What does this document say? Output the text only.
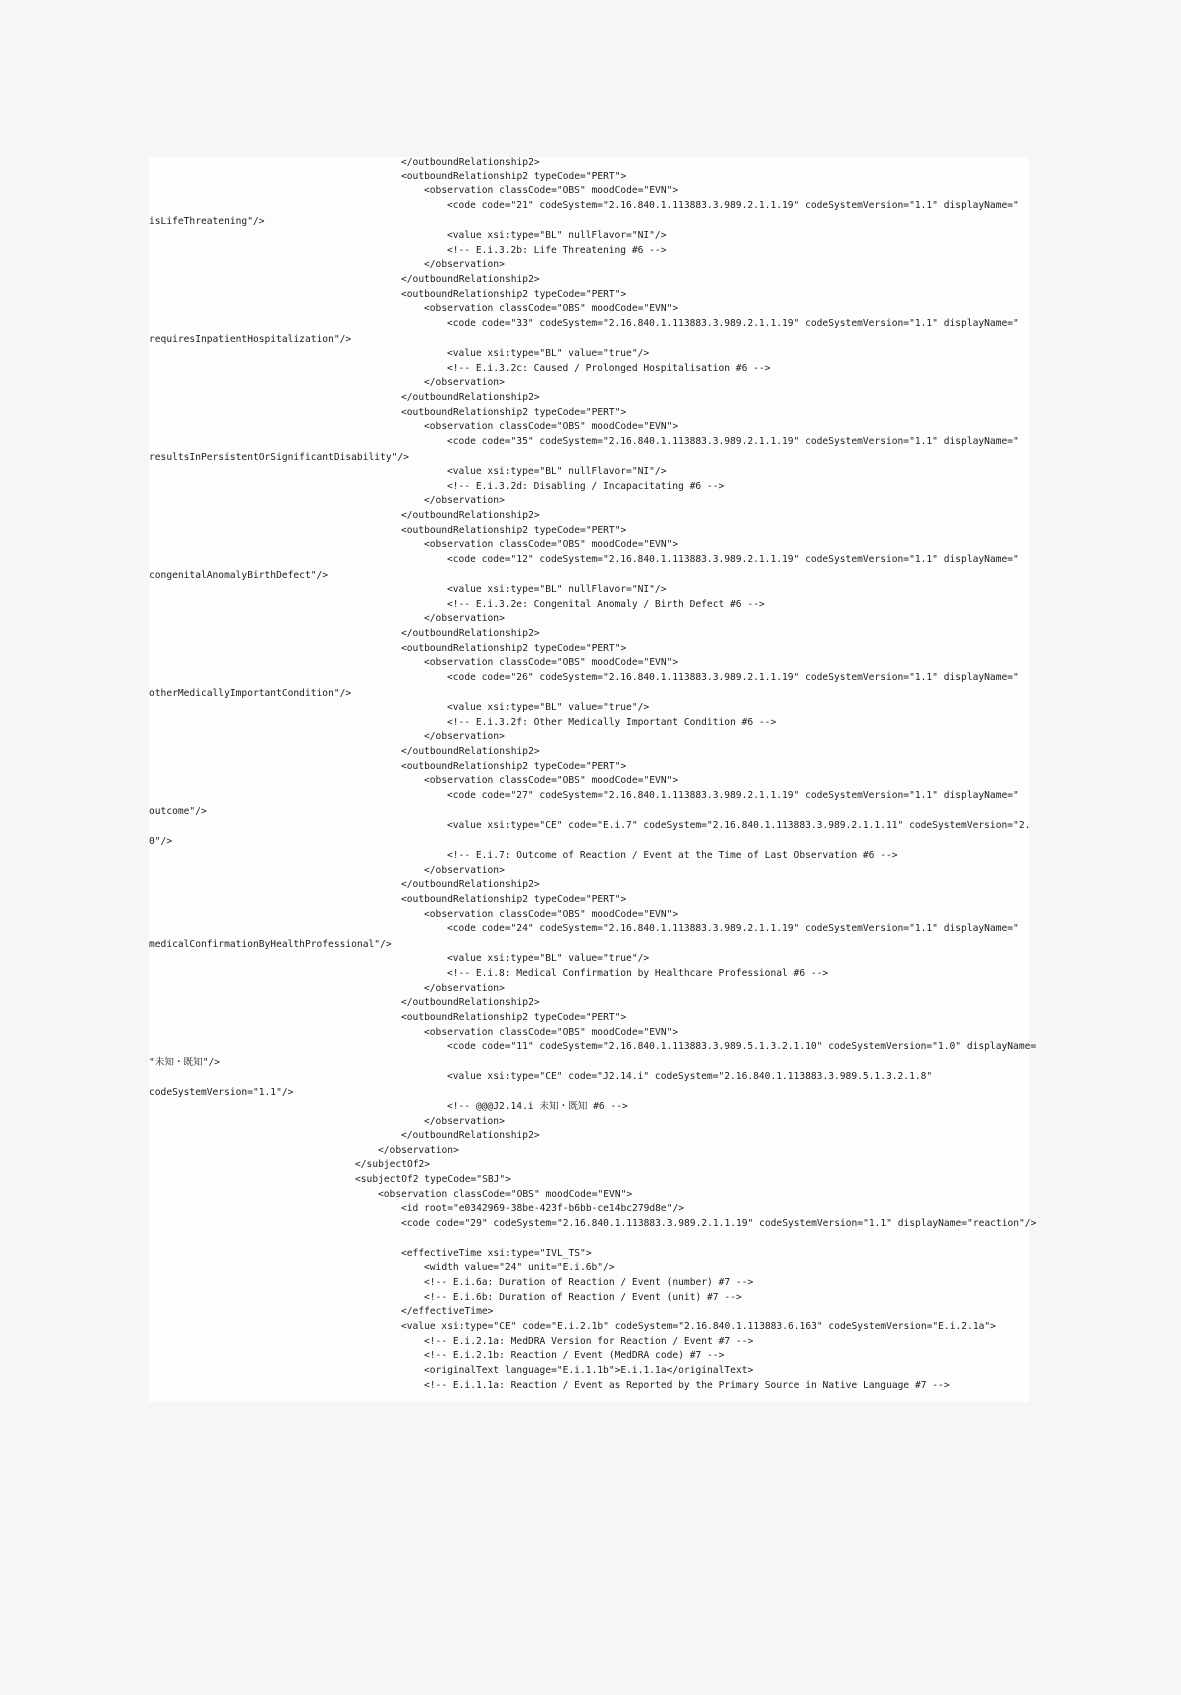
</outboundRelationship2>
<outboundRelationship2 typeCode="PERT">
<observation classCode="OBS" moodCode="EVN">
<code code="21" codeSystem="2.16.840.1.113883.3.989.2.1.1.19" codeSystemVersion="1.1" displayName="
isLifeThreatening"/>
<value xsi:type="BL" nullFlavor="NI"/>
<!-- E.i.3.2b: Life Threatening #6 -->
</observation>
</outboundRelationship2>
<outboundRelationship2 typeCode="PERT">
<observation classCode="OBS" moodCode="EVN">
<code code="33" codeSystem="2.16.840.1.113883.3.989.2.1.1.19" codeSystemVersion="1.1" displayName="
requiresInpatientHospitalization"/>
<value xsi:type="BL" value="true"/>
<!-- E.i.3.2c: Caused / Prolonged Hospitalisation #6 -->
</observation>
</outboundRelationship2>
<outboundRelationship2 typeCode="PERT">
<observation classCode="OBS" moodCode="EVN">
<code code="35" codeSystem="2.16.840.1.113883.3.989.2.1.1.19" codeSystemVersion="1.1" displayName="
resultsInPersistentOrSignificantDisability"/>
<value xsi:type="BL" nullFlavor="NI"/>
<!-- E.i.3.2d: Disabling / Incapacitating #6 -->
</observation>
</outboundRelationship2>
<outboundRelationship2 typeCode="PERT">
<observation classCode="OBS" moodCode="EVN">
<code code="12" codeSystem="2.16.840.1.113883.3.989.2.1.1.19" codeSystemVersion="1.1" displayName="
congenitalAnomalyBirthDefect"/>
<value xsi:type="BL" nullFlavor="NI"/>
<!-- E.i.3.2e: Congenital Anomaly / Birth Defect #6 -->
</observation>
</outboundRelationship2>
<outboundRelationship2 typeCode="PERT">
<observation classCode="OBS" moodCode="EVN">
<code code="26" codeSystem="2.16.840.1.113883.3.989.2.1.1.19" codeSystemVersion="1.1" displayName="
otherMedicallyImportantCondition"/>
<value xsi:type="BL" value="true"/>
<!-- E.i.3.2f: Other Medically Important Condition #6 -->
</observation>
</outboundRelationship2>
<outboundRelationship2 typeCode="PERT">
<observation classCode="OBS" moodCode="EVN">
<code code="27" codeSystem="2.16.840.1.113883.3.989.2.1.1.19" codeSystemVersion="1.1" displayName="
outcome"/>
<value xsi:type="CE" code="E.i.7" codeSystem="2.16.840.1.113883.3.989.2.1.1.11" codeSystemVersion="2.
0"/>
<!-- E.i.7: Outcome of Reaction / Event at the Time of Last Observation #6 -->
</observation>
</outboundRelationship2>
<outboundRelationship2 typeCode="PERT">
<observation classCode="OBS" moodCode="EVN">
<code code="24" codeSystem="2.16.840.1.113883.3.989.2.1.1.19" codeSystemVersion="1.1" displayName="
medicalConfirmationByHealthProfessional"/>
<value xsi:type="BL" value="true"/>
<!-- E.i.8: Medical Confirmation by Healthcare Professional #6 -->
</observation>
</outboundRelationship2>
<outboundRelationship2 typeCode="PERT">
<observation classCode="OBS" moodCode="EVN">
<code code="11" codeSystem="2.16.840.1.113883.3.989.5.1.3.2.1.10" codeSystemVersion="1.0" displayName=
"未知・既知"/>
<value xsi:type="CE" code="J2.14.i" codeSystem="2.16.840.1.113883.3.989.5.1.3.2.1.8"
codeSystemVersion="1.1"/>
<!-- @@@J2.14.i 未知・既知 #6 -->
</observation>
</outboundRelationship2>
</observation>
</subjectOf2>
<subjectOf2 typeCode="SBJ">
<observation classCode="OBS" moodCode="EVN">
<id root="e0342969-38be-423f-b6bb-ce14bc279d8e"/>
<code code="29" codeSystem="2.16.840.1.113883.3.989.2.1.1.19" codeSystemVersion="1.1" displayName="reaction"/>
<effectiveTime xsi:type="IVL_TS">
<width value="24" unit="E.i.6b"/>
<!-- E.i.6a: Duration of Reaction / Event (number) #7 -->
<!-- E.i.6b: Duration of Reaction / Event (unit) #7 -->
</effectiveTime>
<value xsi:type="CE" code="E.i.2.1b" codeSystem="2.16.840.1.113883.6.163" codeSystemVersion="E.i.2.1a">
<!-- E.i.2.1a: MedDRA Version for Reaction / Event #7 -->
<!-- E.i.2.1b: Reaction / Event (MedDRA code) #7 -->
<originalText language="E.i.1.1b">E.i.1.1a</originalText>
<!-- E.i.1.1a: Reaction / Event as Reported by the Primary Source in Native Language #7 -->
